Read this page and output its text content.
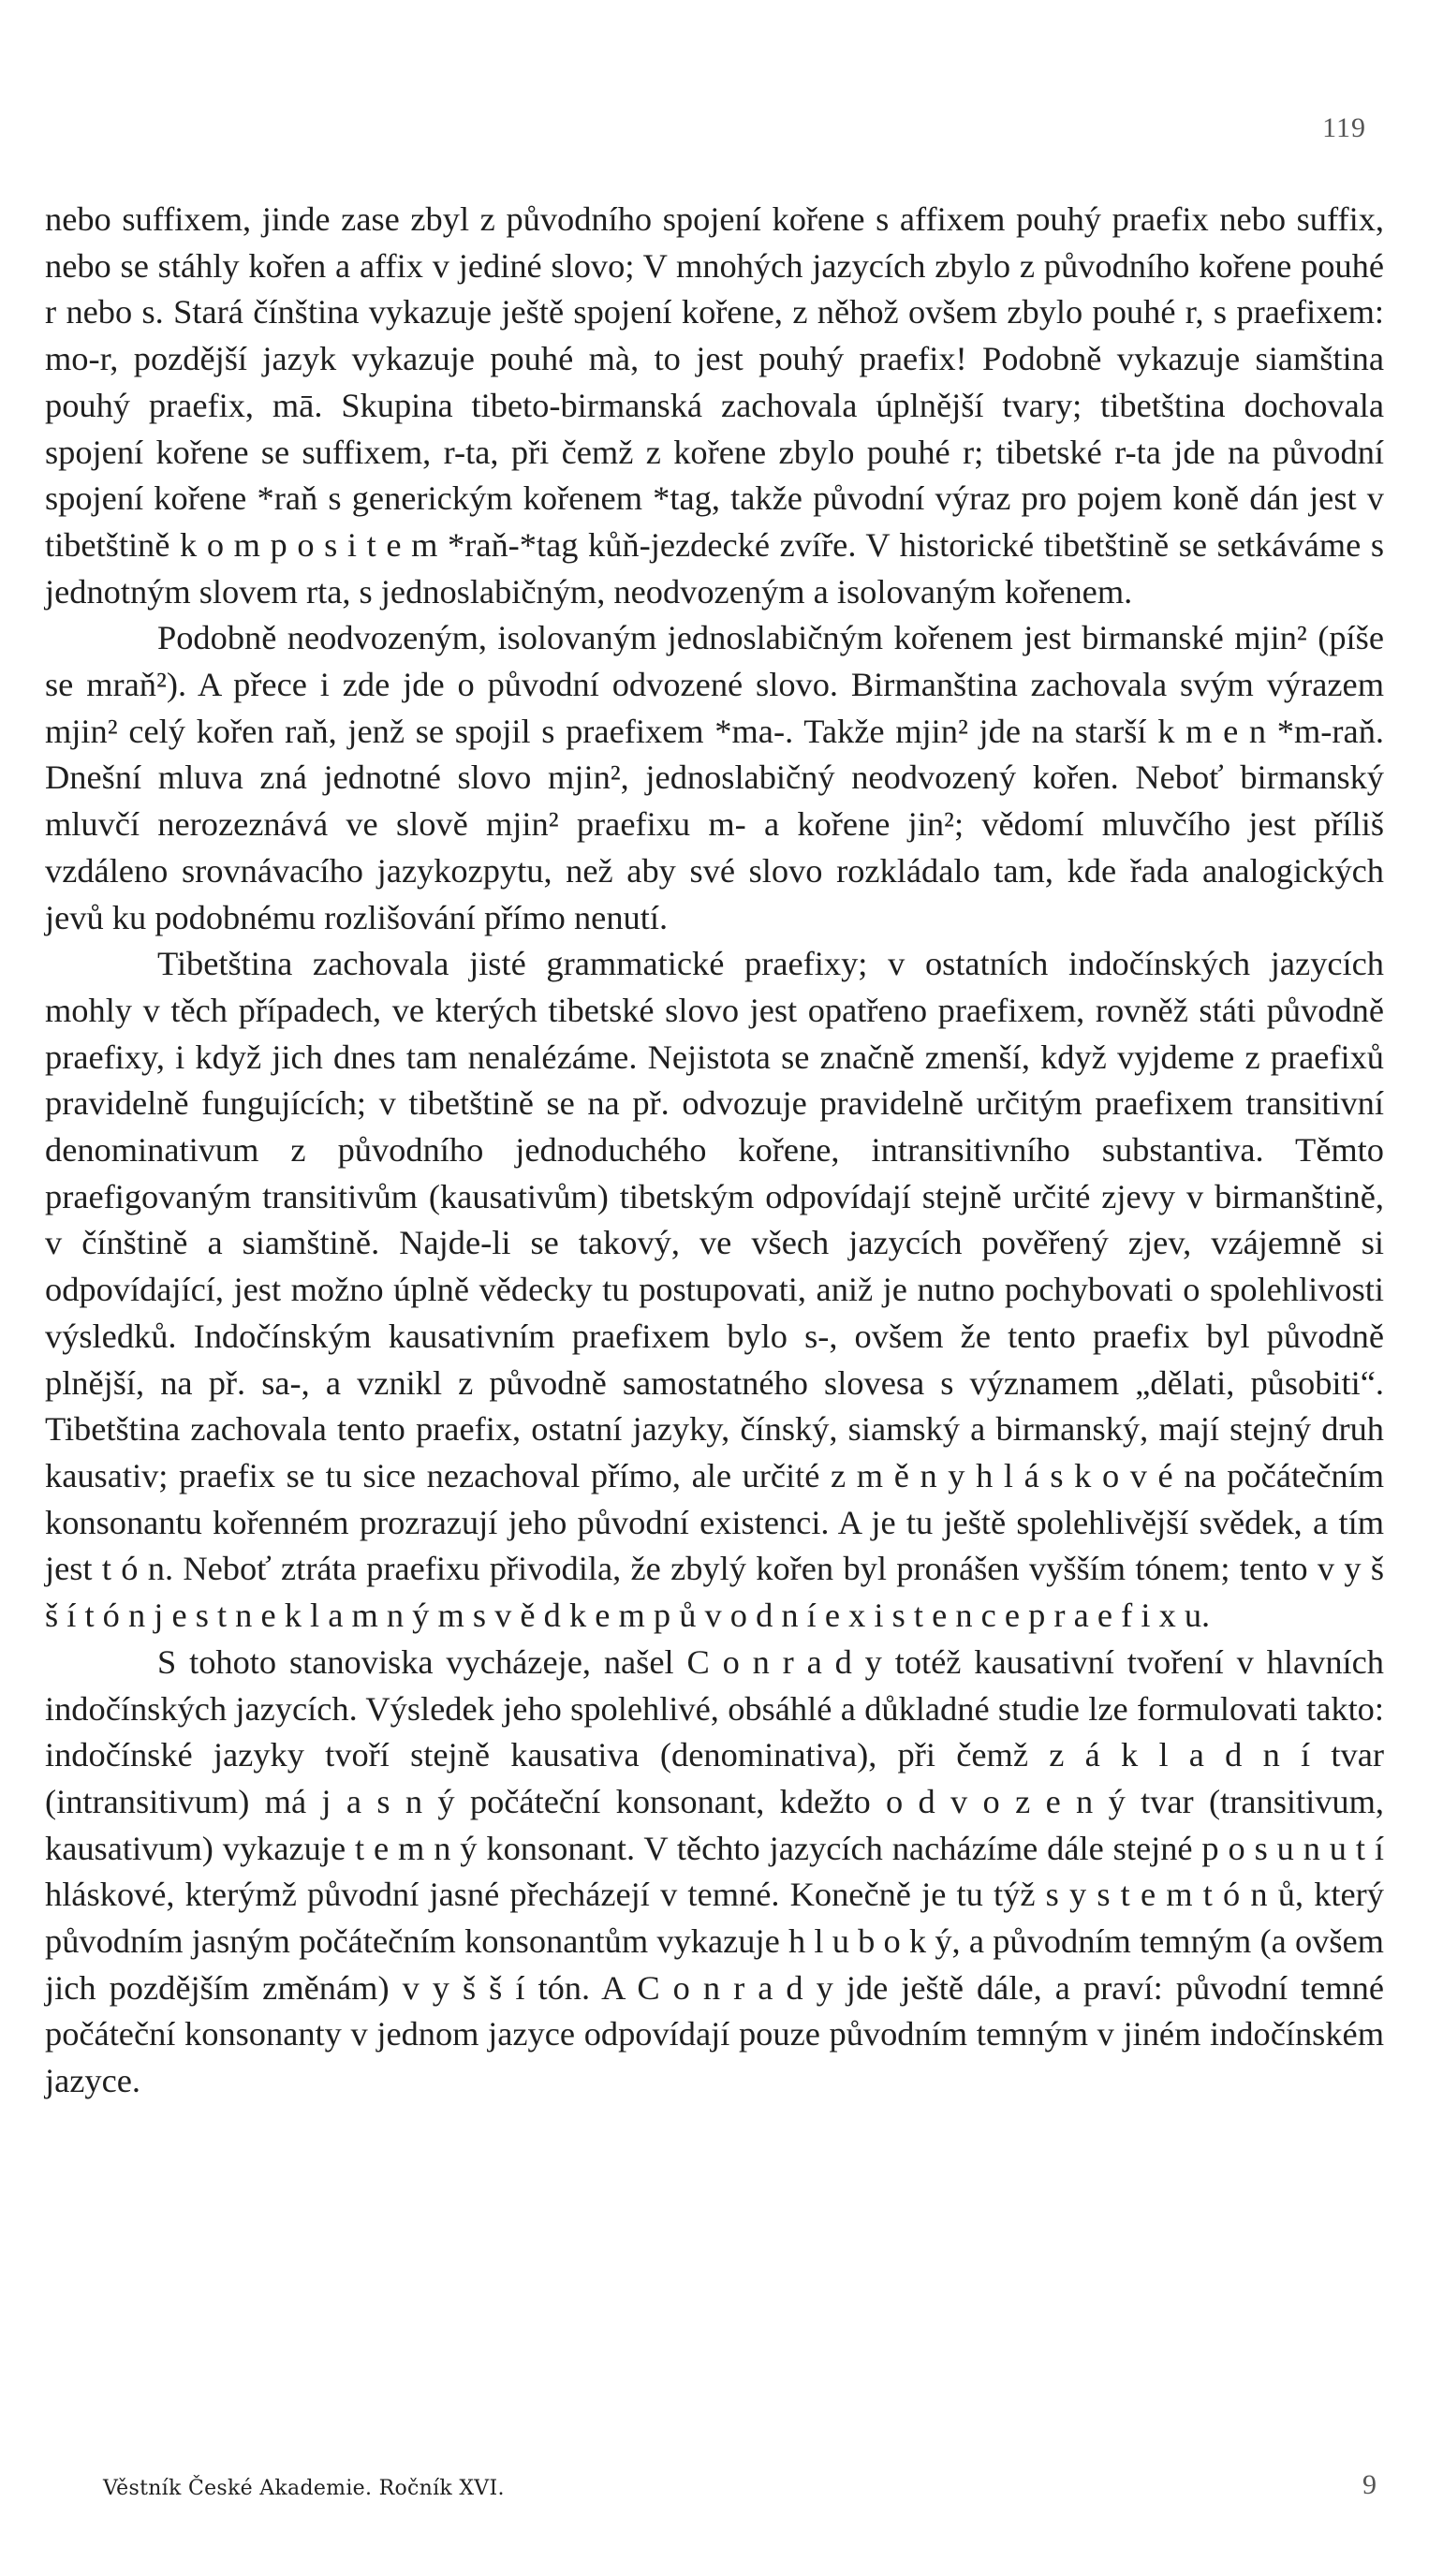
119

nebo suffixem, jinde zase zbyl z původního spojení kořene s affixem pouhý praefix nebo suffix, nebo se stáhly kořen a affix v jediné slovo; V mnohých jazycích zbylo z původního kořene pouhé r nebo s. Stará čínština vykazuje ještě spojení kořene, z něhož ovšem zbylo pouhé r, s praefixem: mo-r, pozdější jazyk vykazuje pouhé mà, to jest pouhý praefix! Podobně vykazuje siamština pouhý praefix, mā. Skupina tibeto-birmanská zachovala úplnější tvary; tibetština dochovala spojení kořene se suffixem, r-ta, při čemž z kořene zbylo pouhé r; tibetské r-ta jde na původní spojení kořene *raň s generickým kořenem *tag, takže původní výraz pro pojem koně dán jest v tibetštině k o m p o s i t e m *raň-*tag kůň-jezdecké zvíře. V historické tibetštině se setkáváme s jednotným slovem rta, s jednoslabičným, neodvozeným a isolovaným kořenem.

Podobně neodvozeným, isolovaným jednoslabičným kořenem jest birmanské mjin² (píše se mraň²). A přece i zde jde o původní odvozené slovo. Birmanština zachovala svým výrazem mjin² celý kořen raň, jenž se spojil s praefixem *ma-. Takže mjin² jde na starší k m e n *m-raň. Dnešní mluva zná jednotné slovo mjin², jednoslabičný neodvozený kořen. Neboť birmanský mluvčí nerozeznává ve slově mjin² praefixu m- a kořene jin²; vědomí mluvčího jest příliš vzdáleno srovnávacího jazykozpytu, než aby své slovo rozkládalo tam, kde řada analogických jevů ku podobnému rozlišování přímo nenutí.

Tibetština zachovala jisté grammatické praefixy; v ostatních indočínských jazycích mohly v těch případech, ve kterých tibetské slovo jest opatřeno praefixem, rovněž státi původně praefixy, i když jich dnes tam nenalézáme. Nejistota se značně zmenší, když vyjdeme z praefixů pravidelně fungujících; v tibetštině se na př. odvozuje pravidelně určitým praefixem transitivní denominativum z původního jednoduchého kořene, intransitivního substantiva. Těmto praefigovaným transitivům (kausativům) tibetským odpovídají stejně určité zjevy v birmanštině, v čínštině a siamštině. Najde-li se takový, ve všech jazycích pověřený zjev, vzájemně si odpovídající, jest možno úplně vědecky tu postupovati, aniž je nutno pochybovati o spolehlivosti výsledků. Indočínským kausativním praefixem bylo s-, ovšem že tento praefix byl původně plnější, na př. sa-, a vznikl z původně samostatného slovesa s významem „dělati, působiti“. Tibetština zachovala tento praefix, ostatní jazyky, čínský, siamský a birmanský, mají stejný druh kausativ; praefix se tu sice nezachoval přímo, ale určité z m ě n y h l á s k o v é na počátečním konsonantu kořenném prozrazují jeho původní existenci. A je tu ještě spolehlivější svědek, a tím jest t ó n. Neboť ztráta praefixu přivodila, že zbylý kořen byl pronášen vyšším tónem; tento v y š š í t ó n j e s t n e k l a m n ý m s v ě d k e m p ů v o d n í e x i s t e n c e p r a e f i x u.

S tohoto stanoviska vycházeje, našel C o n r a d y totéž kausativní tvoření v hlavních indočínských jazycích. Výsledek jeho spolehlivé, obsáhlé a důkladné studie lze formulovati takto: indočínské jazyky tvoří stejně kausativa (denominativa), při čemž z á k l a d n í tvar (intransitivum) má j a s n ý počáteční konsonant, kdežto o d v o z e n ý tvar (transitivum, kausativum) vykazuje t e m n ý konsonant. V těchto jazycích nacházíme dále stejné p o s u n u t í hláskové, kterýmž původní jasné přecházejí v temné. Konečně je tu týž s y s t e m t ó n ů, který původním jasným počátečním konsonantům vykazuje h l u b o k ý, a původním temným (a ovšem jich pozdějším změnám) v y š š í tón. A C o n r a d y jde ještě dále, a praví: původní temné počáteční konsonanty v jednom jazyce odpovídají pouze původním temným v jiném indočínském jazyce.

Věstník České Akademie. Ročník XVI.	9
